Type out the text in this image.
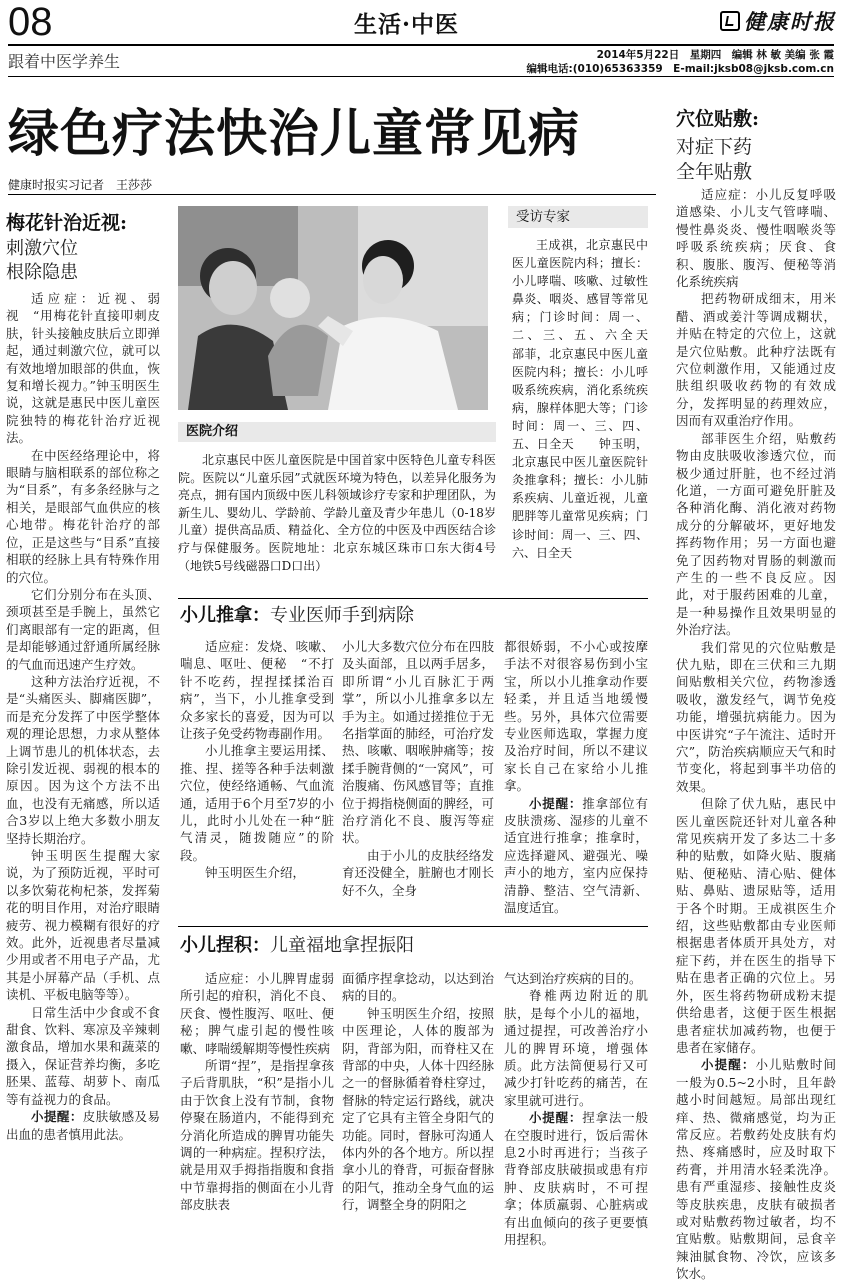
08	生活·中医	健康时报
跟着中医学养生	2014年5月22日　星期四　编辑 林 敏 美编 张 霞
编辑电话:(010)65363359　E-mail:jksb08@jksb.com.cn
绿色疗法快治儿童常见病
健康时报实习记者　王莎莎
梅花针治近视:
刺激穴位
根除隐患

适应症：近视、弱视　“用梅花针直接叩刺皮肤，针头接触皮肤后立即弹起，通过刺激穴位，就可以有效地增加眼部的供血，恢复和增长视力。”钟玉明医生说，这就是惠民中医儿童医院独特的梅花针治疗近视法。

在中医经络理论中，将眼睛与脑相联系的部位称之为“目系”，有多条经脉与之相关，是眼部气血供应的核心地带。梅花针治疗的部位，正是这些与“目系”直接相联的经脉上具有特殊作用的穴位。

它们分别分布在头顶、颈项甚至是手腕上，虽然它们离眼部有一定的距离，但是却能够通过舒通所属经脉的气血而迅速产生疗效。

这种方法治疗近视，不是“头痛医头、脚痛医脚”，而是充分发挥了中医学整体观的理论思想，力求从整体上调节患儿的机体状态，去除引发近视、弱视的根本的原因。因为这个方法不出血，也没有无痛感，所以适合3岁以上绝大多数小朋友坚持长期治疗。

钟玉明医生提醒大家说，为了预防近视，平时可以多饮菊花枸杞茶，发挥菊花的明目作用，对治疗眼睛疲劳、视力模糊有很好的疗效。此外，近视患者尽量减少用或者不用电子产品，尤其是小屏幕产品（手机、点读机、平板电脑等等）。

日常生活中少食或不食甜食、饮料、寒凉及辛辣刺激食品，增加水果和蔬菜的摄入，保证营养均衡，多吃胚果、蓝莓、胡萝卜、南瓜等有益视力的食品。

小提醒：皮肤敏感及易出血的患者慎用此法。

医院介绍
北京惠民中医儿童医院是中国首家中医特色儿童专科医院。医院以“儿童乐园”式就医环境为特色，以差异化服务为亮点，拥有国内顶级中医儿科领域诊疗专家和护理团队，为新生儿、婴幼儿、学龄前、学龄儿童及青少年患儿（0-18岁儿童）提供高品质、精益化、全方位的中医及中西医结合诊疗与保健服务。医院地址：北京东城区珠市口东大街4号（地铁5号线磁器口D口出）
受访专家
王成祺，北京惠民中医儿童医院内科；擅长：小儿哮喘、咳嗽、过敏性鼻炎、咽炎、感冒等常见病；门诊时间：周一、二、三、五、六全天　　部菲，北京惠民中医儿童医院内科；擅长：小儿呼吸系统疾病，消化系统疾病，腺样体肥大等；门诊时间：周一、三、四、五、日全天　　钟玉明，北京惠民中医儿童医院针灸推拿科；擅长：小儿肺系疾病、儿童近视，儿童肥胖等儿童常见疾病；门诊时间：周一、三、四、六、日全天
小儿推拿：专业医师手到病除

适应症：发烧、咳嗽、喘息、呕吐、便秘　“不打针不吃药，捏捏揉揉治百病”，当下，小儿推拿受到众多家长的喜爱，因为可以让孩子免受药物毒副作用。

小儿推拿主要运用揉、推、捏、搓等各种手法刺激穴位，使经络通畅、气血流通，适用于6个月至7岁的小儿，此时小儿处在一种“脏气清灵，随拨随应”的阶段。

钟玉明医生介绍，

小儿大多数穴位分布在四肢及头面部，且以两手居多，即所谓“小儿百脉汇于两掌”，所以小儿推拿多以左手为主。如通过搓推位于无名指掌面的肺经，可治疗发热、咳嗽、咽喉肿痛等；按揉手腕背侧的“一窝风”，可治腹痛、伤风感冒等；直推位于拇指桡侧面的脾经，可治疗消化不良、腹泻等症状。

由于小儿的皮肤经络发育还没健全，脏腑也才刚长好不久，全身

都很娇弱，不小心或按摩手法不对很容易伤到小宝宝，所以小儿推拿动作要轻柔，并且适当地缓慢些。另外，具体穴位需要专业医师选取，掌握力度及治疗时间，所以不建议家长自己在家给小儿推拿。

小提醒：推拿部位有皮肤溃疡、湿疹的儿童不适宜进行推拿；推拿时，应选择避风、避强光、噪声小的地方，室内应保持清静、整洁、空气清新、温度适宜。

小儿捏积：儿童福地拿捏振阳

适应症：小儿脾胃虚弱所引起的疳积，消化不良、厌食、慢性腹泻、呕吐、便秘；脾气虚引起的慢性咳嗽、哮喘缓解期等慢性疾病

所谓“捏”，是指捏拿孩子后背肌肤，“积”是指小儿由于饮食上没有节制，食物停聚在肠道内，不能得到充分消化所造成的脾胃功能失调的一种病症。捏积疗法，就是用双手拇指指腹和食指中节靠拇指的侧面在小儿背部皮肤表

面循序捏拿捻动，以达到治病的目的。

钟玉明医生介绍，按照中医理论，人体的腹部为阴，背部为阳，而脊柱又在背部的中央，人体十四经脉之一的督脉循着脊柱穿过，督脉的特定运行路线，就决定了它具有主管全身阳气的功能。同时，督脉可沟通人体内外的各个地方。所以捏拿小儿的脊背，可振奋督脉的阳气，推动全身气血的运行，调整全身的阴阳之

气达到治疗疾病的目的。

脊椎两边附近的肌肤，是每个小儿的福地，通过提捏，可改善治疗小儿的脾胃环境，增强体质。此方法简便易行又可减少打针吃药的痛苦，在家里就可进行。

小提醒：捏拿法一般在空腹时进行，饭后需休息2小时再进行；当孩子背脊部皮肤破损或患有疖肿、皮肤病时，不可捏拿；体质羸弱、心脏病或有出血倾向的孩子更要慎用捏积。

穴位贴敷:
对症下药
全年贴敷

适应症：小儿反复呼吸道感染、小儿支气管哮喘、慢性鼻炎炎、慢性咽喉炎等呼吸系统疾病；厌食、食积、腹胀、腹泻、便秘等消化系统疾病

把药物研成细末，用米醋、酒或姜汁等调成糊状，并贴在特定的穴位上，这就是穴位贴敷。此种疗法既有穴位刺激作用，又能通过皮肤组织吸收药物的有效成分，发挥明显的药理效应，因而有双重治疗作用。

部菲医生介绍，贴敷药物由皮肤吸收渗透穴位，而极少通过肝脏，也不经过消化道，一方面可避免肝脏及各种消化酶、消化液对药物成分的分解破坏，更好地发挥药物作用；另一方面也避免了因药物对胃肠的刺激而产生的一些不良反应。因此，对于服药困难的儿童，是一种易操作且效果明显的外治疗法。

我们常见的穴位贴敷是伏九贴，即在三伏和三九期间贴敷相关穴位，药物渗透吸收，激发经气，调节免疫功能，增强抗病能力。因为中医讲究“子午流注、适时开穴”，防治疾病顺应天气和时节变化，将起到事半功倍的效果。

但除了伏九贴，惠民中医儿童医院还针对儿童各种常见疾病开发了多达二十多种的贴敷，如降火贴、腹痛贴、便秘贴、清心贴、健体贴、鼻贴、遗尿贴等，适用于各个时期。王成祺医生介绍，这些贴敷都由专业医师根据患者体质开具处方，对症下药，并在医生的指导下贴在患者正确的穴位上。另外，医生将药物研成粉末提供给患者，这便于医生根据患者症状加减药物，也便于患者在家储存。

小提醒：小儿贴敷时间一般为0.5~2小时，且年龄越小时间越短。局部出现红痒、热、微痛感觉，均为正常反应。若敷药处皮肤有灼热、疼痛感时，应及时取下药膏，并用清水轻柔洗净。患有严重湿疹、接触性皮炎等皮肤疾患，皮肤有破损者或对贴敷药物过敏者，均不宜贴敷。贴敷期间，忌食辛辣油腻食物、冷饮，应该多饮水。
